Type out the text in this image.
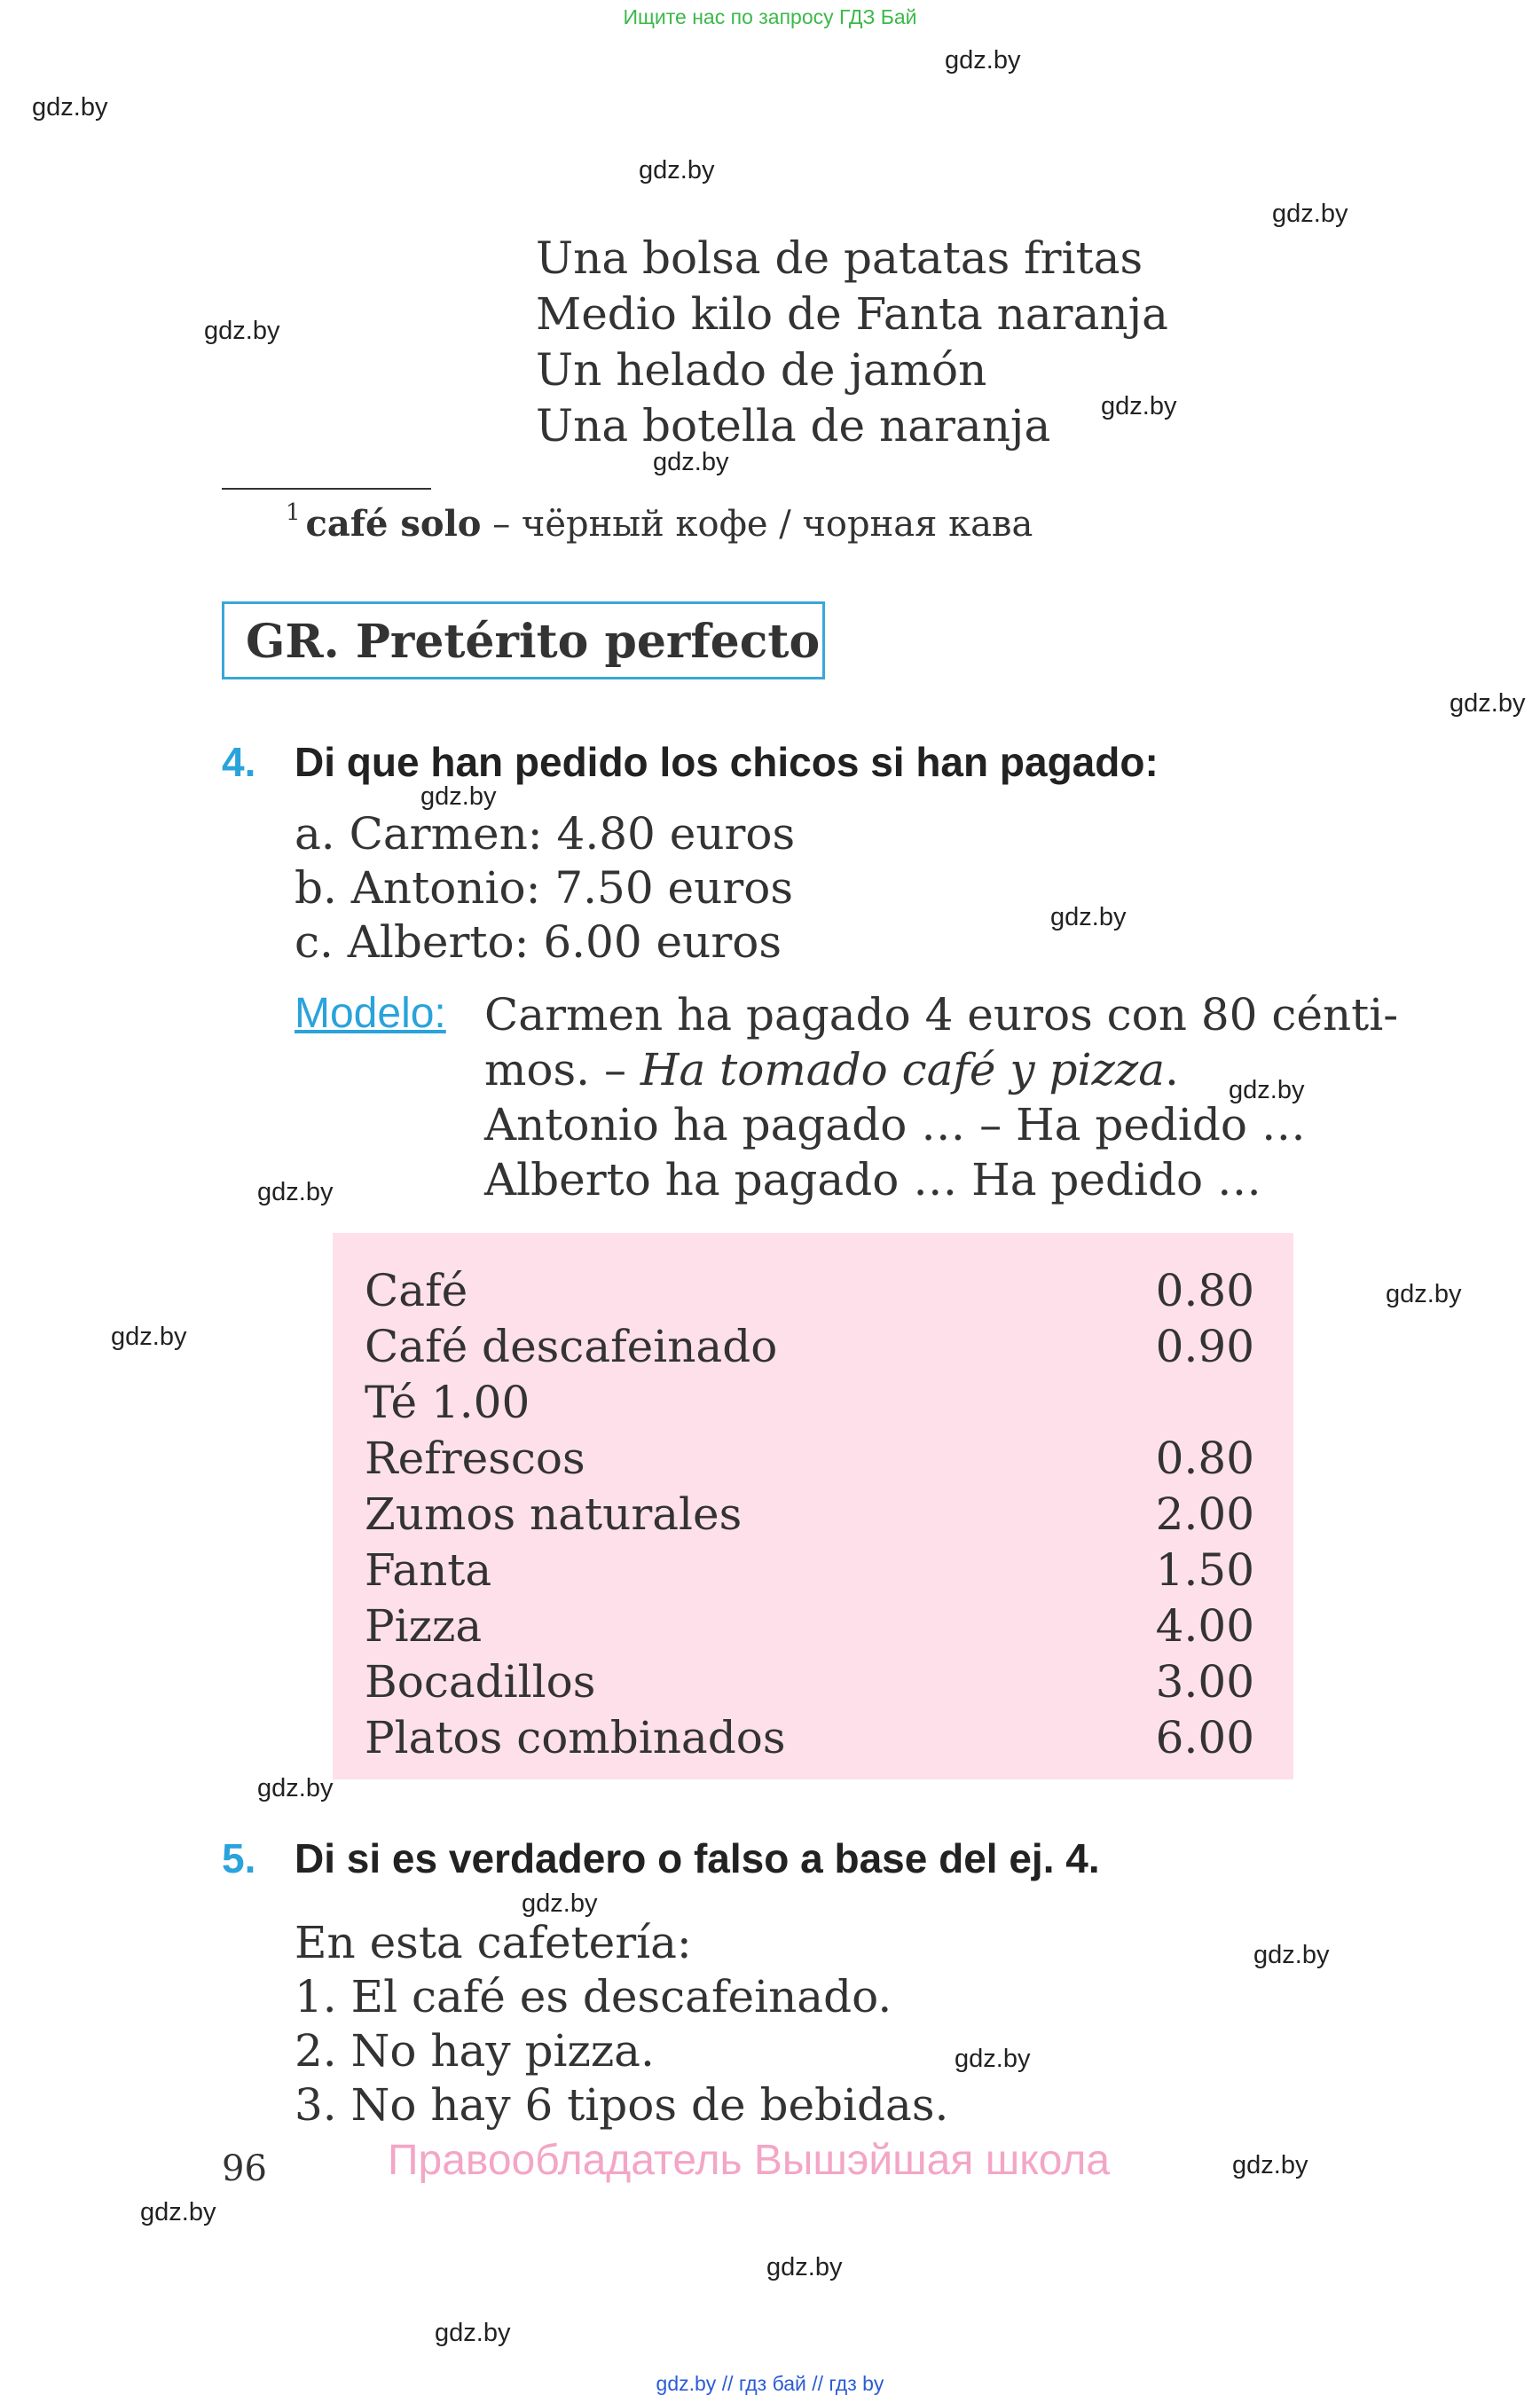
Ищите нас по запросу ГДЗ Бай
gdz.by
gdz.by
gdz.by
gdz.by
gdz.by
gdz.by
gdz.by
gdz.by
gdz.by
gdz.by
gdz.by
gdz.by
gdz.by
gdz.by
gdz.by
gdz.by
gdz.by
gdz.by
gdz.by
gdz.by
gdz.by
gdz.by
Una bolsa de patatas fritas
Medio kilo de Fanta naranja
Un helado de jamón
Una botella de naranja
$^1$ café solo – чёрный кофе / чорная кава
GR. Pretérito perfecto
4. Di que han pedido los chicos si han pagado:
a. Carmen: 4.80 euros
b. Antonio: 7.50 euros
c. Alberto: 6.00 euros
Modelo: Carmen ha pagado 4 euros con 80 cénti-
mos. – Ha tomado café y pizza.
Antonio ha pagado … – Ha pedido …
Alberto ha pagado … Ha pedido …
Café	0.80
Café descafeinado	0.90
Té 1.00
Refrescos	0.80
Zumos naturales	2.00
Fanta	1.50
Pizza	4.00
Bocadillos	3.00
Platos combinados	6.00
5. Di si es verdadero o falso a base del ej. 4.
En esta cafetería:
1. El café es descafeinado.
2. No hay pizza.
3. No hay 6 tipos de bebidas.
96	Правообладатель Вышэйшая школа
gdz.by // гдз бай // гдз by
